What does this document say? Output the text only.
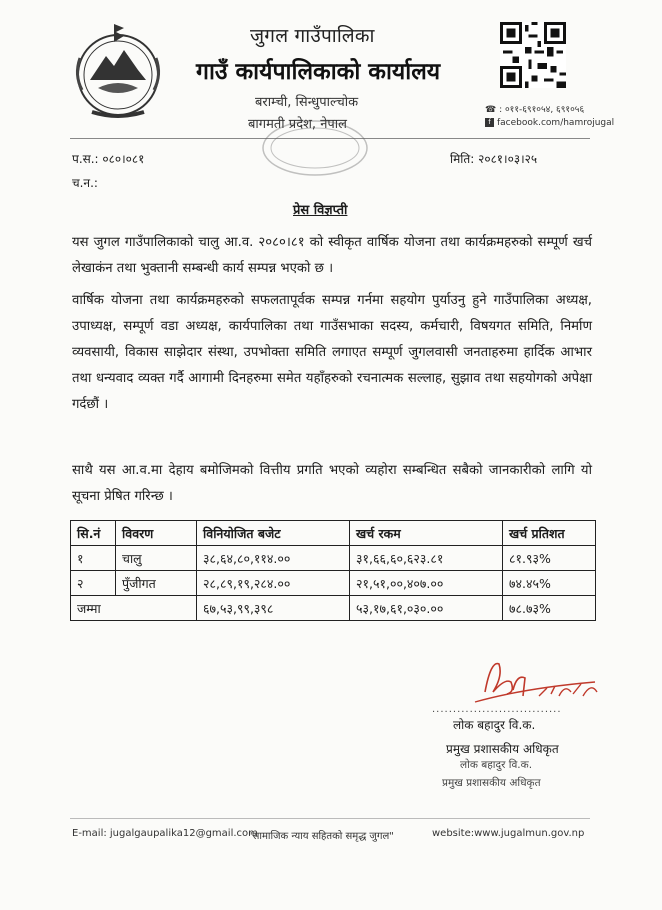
जुगल गाउँपालिका
गाउँ कार्यपालिकाको कार्यालय
बराम्ची, सिन्धुपाल्चोक
बागमती प्रदेश, नेपाल
☎ : ०११-६९१०५४, ६९१०५६
f facebook.com/hamrojugal
प.स.: ०८०।०८१
च.न.:
मिति: २०८१।०३।२५
प्रेस विज्ञप्ती
यस जुगल गाउँपालिकाको चालु आ.व. २०८०।८१ को स्वीकृत वार्षिक योजना तथा कार्यक्रमहरुको सम्पूर्ण खर्च लेखाकंन तथा भुक्तानी सम्बन्धी कार्य सम्पन्न भएको छ ।
वार्षिक योजना तथा कार्यक्रमहरुको सफलतापूर्वक सम्पन्न गर्नमा सहयोग पुर्याउनु हुने गाउँपालिका अध्यक्ष, उपाध्यक्ष, सम्पूर्ण वडा अध्यक्ष, कार्यपालिका तथा गाउँसभाका सदस्य, कर्मचारी, विषयगत समिति, निर्माण व्यवसायी, विकास साझेदार संस्था, उपभोक्ता समिति लगाएत सम्पूर्ण जुगलवासी जनताहरुमा हार्दिक आभार तथा धन्यवाद व्यक्त गर्दै आगामी दिनहरुमा समेत यहाँहरुको रचनात्मक सल्लाह, सुझाव तथा सहयोगको अपेक्षा गर्दछौं ।
साथै यस आ.व.मा देहाय बमोजिमको वित्तीय प्रगति भएको व्यहोरा सम्बन्धित सबैको जानकारीको लागि यो सूचना प्रेषित गरिन्छ ।
सि.नं	विवरण	विनियोजित बजेट	खर्च रकम	खर्च प्रतिशत
१	चालु	३८,६४,८०,११४.००	३१,६६,६०,६२३.८१	८१.९३%
२	पुँजीगत	२८,८९,१९,२८४.००	२१,५१,००,४०७.००	७४.४५%
जम्मा		६७,५३,९९,३९८	५३,१७,६१,०३०.००	७८.७३%
...............................
लोक बहादुर वि.क.
प्रमुख प्रशासकीय अधिकृत
लोक बहादुर वि.क.
प्रमुख प्रशासकीय अधिकृत
E-mail: jugalgaupalika12@gmail.com
"सामाजिक न्याय सहितको समृद्ध जुगल"	website:www.jugalmun.gov.np
